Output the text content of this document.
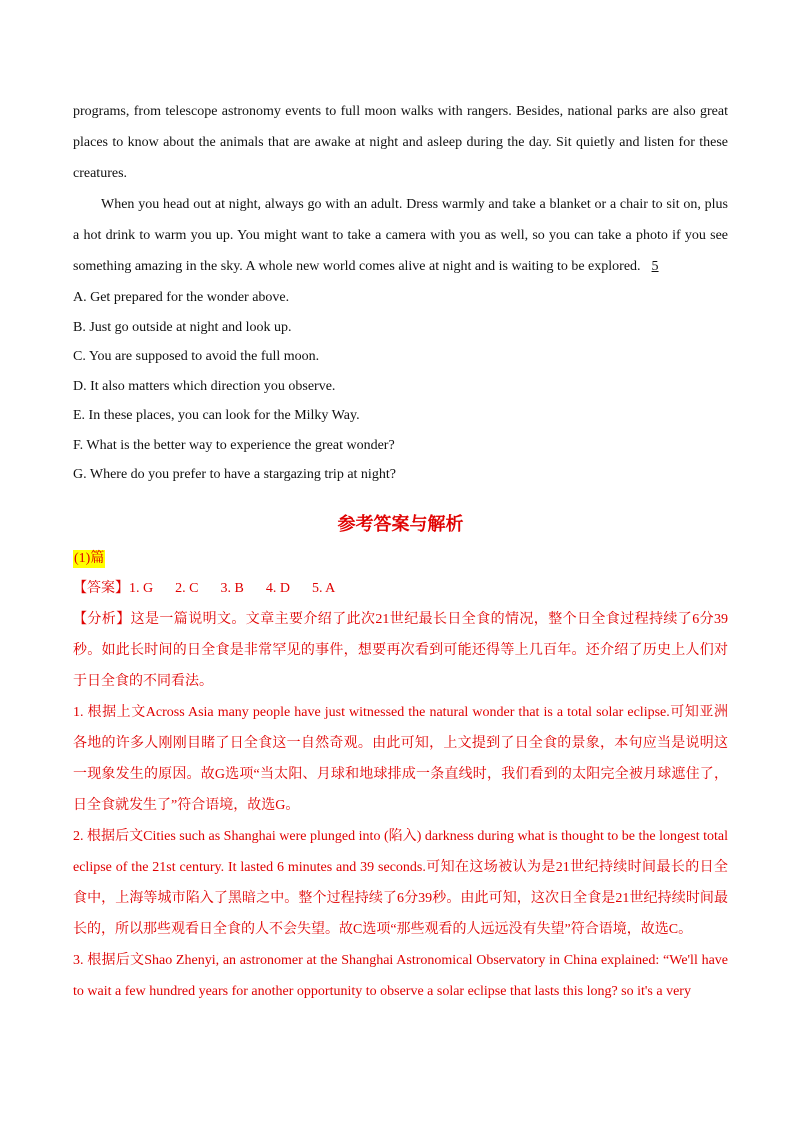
programs, from telescope astronomy events to full moon walks with rangers. Besides, national parks are also great places to know about the animals that are awake at night and asleep during the day. Sit quietly and listen for these creatures.

When you head out at night, always go with an adult. Dress warmly and take a blanket or a chair to sit on, plus a hot drink to warm you up. You might want to take a camera with you as well, so you can take a photo if you see something amazing in the sky. A whole new world comes alive at night and is waiting to be explored. 5

A. Get prepared for the wonder above.

B. Just go outside at night and look up.

C. You are supposed to avoid the full moon.

D. It also matters which direction you observe.

E. In these places, you can look for the Milky Way.

F. What is the better way to experience the great wonder?

G. Where do you prefer to have a stargazing trip at night?

参考答案与解析
(1)篇

【答案】1. G 2. C 3. B 4. D 5. A

【分析】这是一篇说明文。文章主要介绍了此次21世纪最长日全食的情况，整个日全食过程持续了6分39秒。如此长时间的日全食是非常罕见的事件，想要再次看到可能还得等上几百年。还介绍了历史上人们对于日全食的不同看法。

1. 根据上文Across Asia many people have just witnessed the natural wonder that is a total solar eclipse.可知亚洲各地的许多人刚刚目睹了日全食这一自然奇观。由此可知，上文提到了日全食的景象，本句应当是说明这一现象发生的原因。故G选项“当太阳、月球和地球排成一条直线时，我们看到的太阳完全被月球遮住了，日全食就发生了”符合语境，故选G。

2. 根据后文Cities such as Shanghai were plunged into (陷入) darkness during what is thought to be the longest total eclipse of the 21st century. It lasted 6 minutes and 39 seconds.可知在这场被认为是21世纪持续时间最长的日全食中，上海等城市陷入了黑暗之中。整个过程持续了6分39秒。由此可知，这次日全食是21世纪持续时间最长的，所以那些观看日全食的人不会失望。故C选项“那些观看的人远远没有失望”符合语境，故选C。

3. 根据后文Shao Zhenyi, an astronomer at the Shanghai Astronomical Observatory in China explained: “We'll have to wait a few hundred years for another opportunity to observe a solar eclipse that lasts this long? so it's a very
